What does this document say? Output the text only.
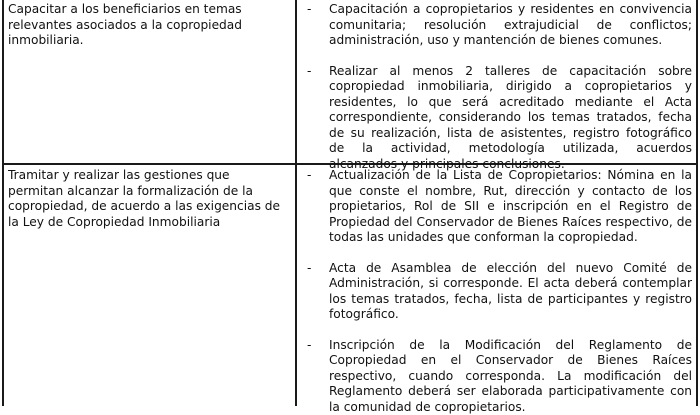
Capacitar a los beneficiarios en temas relevantes asociados a la copropiedad inmobiliaria.
- Capacitación a copropietarios y residentes en convivencia comunitaria; resolución extrajudicial de conflictos; administración, uso y mantención de bienes comunes.
- Realizar al menos 2 talleres de capacitación sobre copropiedad inmobiliaria, dirigido a copropietarios y residentes, lo que será acreditado mediante el Acta correspondiente, considerando los temas tratados, fecha de su realización, lista de asistentes, registro fotográfico de la actividad, metodología utilizada, acuerdos alcanzados y principales conclusiones.
Tramitar y realizar las gestiones que permitan alcanzar la formalización de la copropiedad, de acuerdo a las exigencias de la Ley de Copropiedad Inmobiliaria
- Actualización de la Lista de Copropietarios: Nómina en la que conste el nombre, Rut, dirección y contacto de los propietarios, Rol de SII e inscripción en el Registro de Propiedad del Conservador de Bienes Raíces respectivo, de todas las unidades que conforman la copropiedad.
- Acta de Asamblea de elección del nuevo Comité de Administración, si corresponde. El acta deberá contemplar los temas tratados, fecha, lista de participantes y registro fotográfico.
- Inscripción de la Modificación del Reglamento de Copropiedad en el Conservador de Bienes Raíces respectivo, cuando corresponda. La modificación del Reglamento deberá ser elaborada participativamente con la comunidad de copropietarios.
